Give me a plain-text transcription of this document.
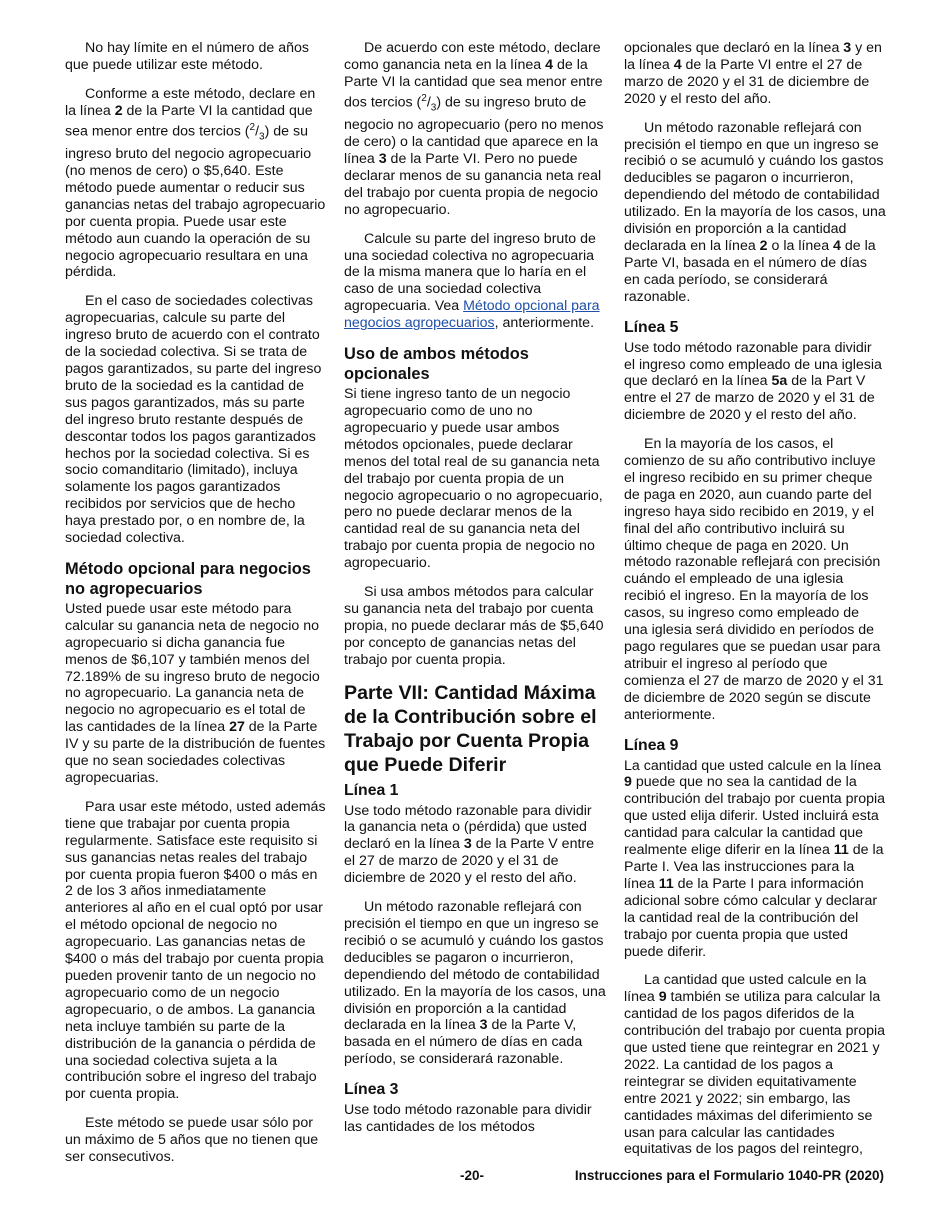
No hay límite en el número de años que puede utilizar este método.

Conforme a este método, declare en la línea 2 de la Parte VI la cantidad que sea menor entre dos tercios $(^2/_3)$ de su ingreso bruto del negocio agropecuario (no menos de cero) o $5,640. Este método puede aumentar o reducir sus ganancias netas del trabajo agropecuario por cuenta propia. Puede usar este método aun cuando la operación de su negocio agropecuario resultara en una pérdida.

En el caso de sociedades colectivas agropecuarias, calcule su parte del ingreso bruto de acuerdo con el contrato de la sociedad colectiva. Si se trata de pagos garantizados, su parte del ingreso bruto de la sociedad es la cantidad de sus pagos garantizados, más su parte del ingreso bruto restante después de descontar todos los pagos garantizados hechos por la sociedad colectiva. Si es socio comanditario (limitado), incluya solamente los pagos garantizados recibidos por servicios que de hecho haya prestado por, o en nombre de, la sociedad colectiva.

Método opcional para negocios no agropecuarios

Usted puede usar este método para calcular su ganancia neta de negocio no agropecuario si dicha ganancia fue menos de $6,107 y también menos del 72.189% de su ingreso bruto de negocio no agropecuario. La ganancia neta de negocio no agropecuario es el total de las cantidades de la línea 27 de la Parte IV y su parte de la distribución de fuentes que no sean sociedades colectivas agropecuarias.

Para usar este método, usted además tiene que trabajar por cuenta propia regularmente. Satisface este requisito si sus ganancias netas reales del trabajo por cuenta propia fueron $400 o más en 2 de los 3 años inmediatamente anteriores al año en el cual optó por usar el método opcional de negocio no agropecuario. Las ganancias netas de $400 o más del trabajo por cuenta propia pueden provenir tanto de un negocio no agropecuario como de un negocio agropecuario, o de ambos. La ganancia neta incluye también su parte de la distribución de la ganancia o pérdida de una sociedad colectiva sujeta a la contribución sobre el ingreso del trabajo por cuenta propia.

Este método se puede usar sólo por un máximo de 5 años que no tienen que ser consecutivos.

De acuerdo con este método, declare como ganancia neta en la línea 4 de la Parte VI la cantidad que sea menor entre dos tercios $(^2/_3)$ de su ingreso bruto de negocio no agropecuario (pero no menos de cero) o la cantidad que aparece en la línea 3 de la Parte VI. Pero no puede declarar menos de su ganancia neta real del trabajo por cuenta propia de negocio no agropecuario.

Calcule su parte del ingreso bruto de una sociedad colectiva no agropecuaria de la misma manera que lo haría en el caso de una sociedad colectiva agropecuaria. Vea Método opcional para negocios agropecuarios, anteriormente.

Uso de ambos métodos opcionales

Si tiene ingreso tanto de un negocio agropecuario como de uno no agropecuario y puede usar ambos métodos opcionales, puede declarar menos del total real de su ganancia neta del trabajo por cuenta propia de un negocio agropecuario o no agropecuario, pero no puede declarar menos de la cantidad real de su ganancia neta del trabajo por cuenta propia de negocio no agropecuario.

Si usa ambos métodos para calcular su ganancia neta del trabajo por cuenta propia, no puede declarar más de $5,640 por concepto de ganancias netas del trabajo por cuenta propia.

Parte VII: Cantidad Máxima de la Contribución sobre el Trabajo por Cuenta Propia que Puede Diferir
Línea 1

Use todo método razonable para dividir la ganancia neta o (pérdida) que usted declaró en la línea 3 de la Parte V entre el 27 de marzo de 2020 y el 31 de diciembre de 2020 y el resto del año.

Un método razonable reflejará con precisión el tiempo en que un ingreso se recibió o se acumuló y cuándo los gastos deducibles se pagaron o incurrieron, dependiendo del método de contabilidad utilizado. En la mayoría de los casos, una división en proporción a la cantidad declarada en la línea 3 de la Parte V, basada en el número de días en cada período, se considerará razonable.

Línea 3

Use todo método razonable para dividir las cantidades de los métodos

opcionales que declaró en la línea 3 y en la línea 4 de la Parte VI entre el 27 de marzo de 2020 y el 31 de diciembre de 2020 y el resto del año.

Un método razonable reflejará con precisión el tiempo en que un ingreso se recibió o se acumuló y cuándo los gastos deducibles se pagaron o incurrieron, dependiendo del método de contabilidad utilizado. En la mayoría de los casos, una división en proporción a la cantidad declarada en la línea 2 o la línea 4 de la Parte VI, basada en el número de días en cada período, se considerará razonable.

Línea 5

Use todo método razonable para dividir el ingreso como empleado de una iglesia que declaró en la línea 5a de la Part V entre el 27 de marzo de 2020 y el 31 de diciembre de 2020 y el resto del año.

En la mayoría de los casos, el comienzo de su año contributivo incluye el ingreso recibido en su primer cheque de paga en 2020, aun cuando parte del ingreso haya sido recibido en 2019, y el final del año contributivo incluirá su último cheque de paga en 2020. Un método razonable reflejará con precisión cuándo el empleado de una iglesia recibió el ingreso. En la mayoría de los casos, su ingreso como empleado de una iglesia será dividido en períodos de pago regulares que se puedan usar para atribuir el ingreso al período que comienza el 27 de marzo de 2020 y el 31 de diciembre de 2020 según se discute anteriormente.

Línea 9

La cantidad que usted calcule en la línea 9 puede que no sea la cantidad de la contribución del trabajo por cuenta propia que usted elija diferir. Usted incluirá esta cantidad para calcular la cantidad que realmente elige diferir en la línea 11 de la Parte I. Vea las instrucciones para la línea 11 de la Parte I para información adicional sobre cómo calcular y declarar la cantidad real de la contribución del trabajo por cuenta propia que usted puede diferir.

La cantidad que usted calcule en la línea 9 también se utiliza para calcular la cantidad de los pagos diferidos de la contribución del trabajo por cuenta propia que usted tiene que reintegrar en 2021 y 2022. La cantidad de los pagos a reintegrar se dividen equitativamente entre 2021 y 2022; sin embargo, las cantidades máximas del diferimiento se usan para calcular las cantidades equitativas de los pagos del reintegro,

-20-	Instrucciones para el Formulario 1040-PR (2020)
